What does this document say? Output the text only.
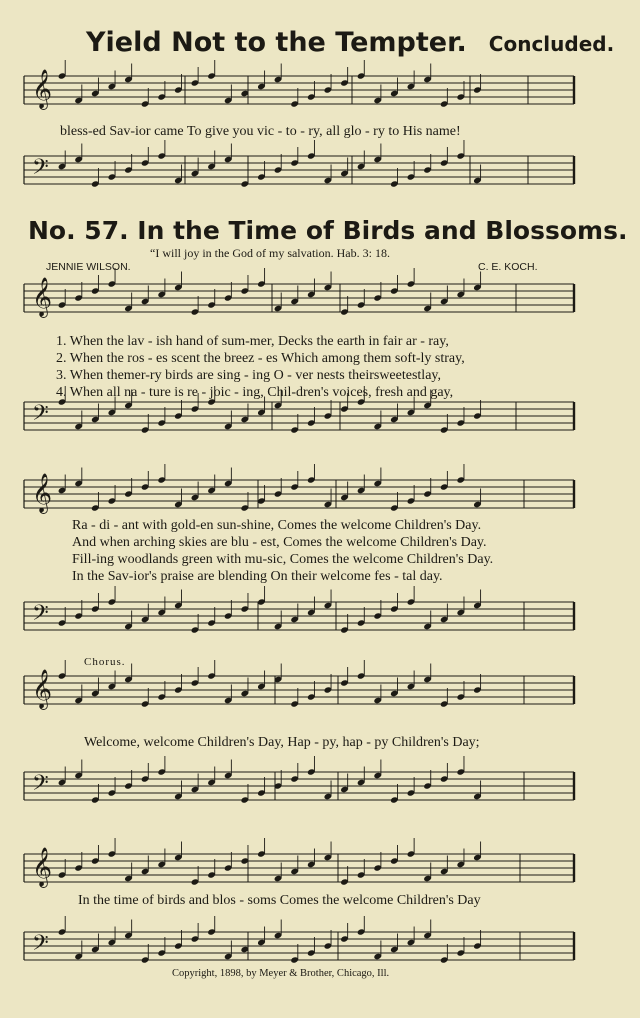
Yield Not to the Tempter. Concluded.
𝄞
𝄢
𝄞
𝄢
𝄞
𝄢
𝄞
𝄢
𝄞
𝄢
bless-ed Sav-ior came To give you vic - to - ry, all glo - ry to His name!
No. 57. In the Time of Birds and Blossoms.
“I will joy in the God of my salvation. Hab. 3: 18.
JENNIE WILSON.	C. E. KOCH.
1. When the lav - ish hand of sum-mer, Decks the earth in fair ar - ray,
2. When the ros - es scent the breez - es Which among them soft-ly stray,
3. When themer-ry birds are sing - ing O - ver nests theirsweetestlay,
4. When all na - ture is re - joic - ing, Chil-dren's voices, fresh and gay,
Ra - di - ant with gold-en sun-shine, Comes the welcome Children's Day.
And when arching skies are blu - est, Comes the welcome Children's Day.
Fill-ing woodlands green with mu-sic, Comes the welcome Children's Day.
In the Sav-ior's praise are blending On their welcome fes - tal day.
Chorus.
Welcome, welcome Children's Day, Hap - py, hap - py Children's Day;
In the time of birds and blos - soms Comes the welcome Children's Day
Copyright, 1898, by Meyer & Brother, Chicago, Ill.
